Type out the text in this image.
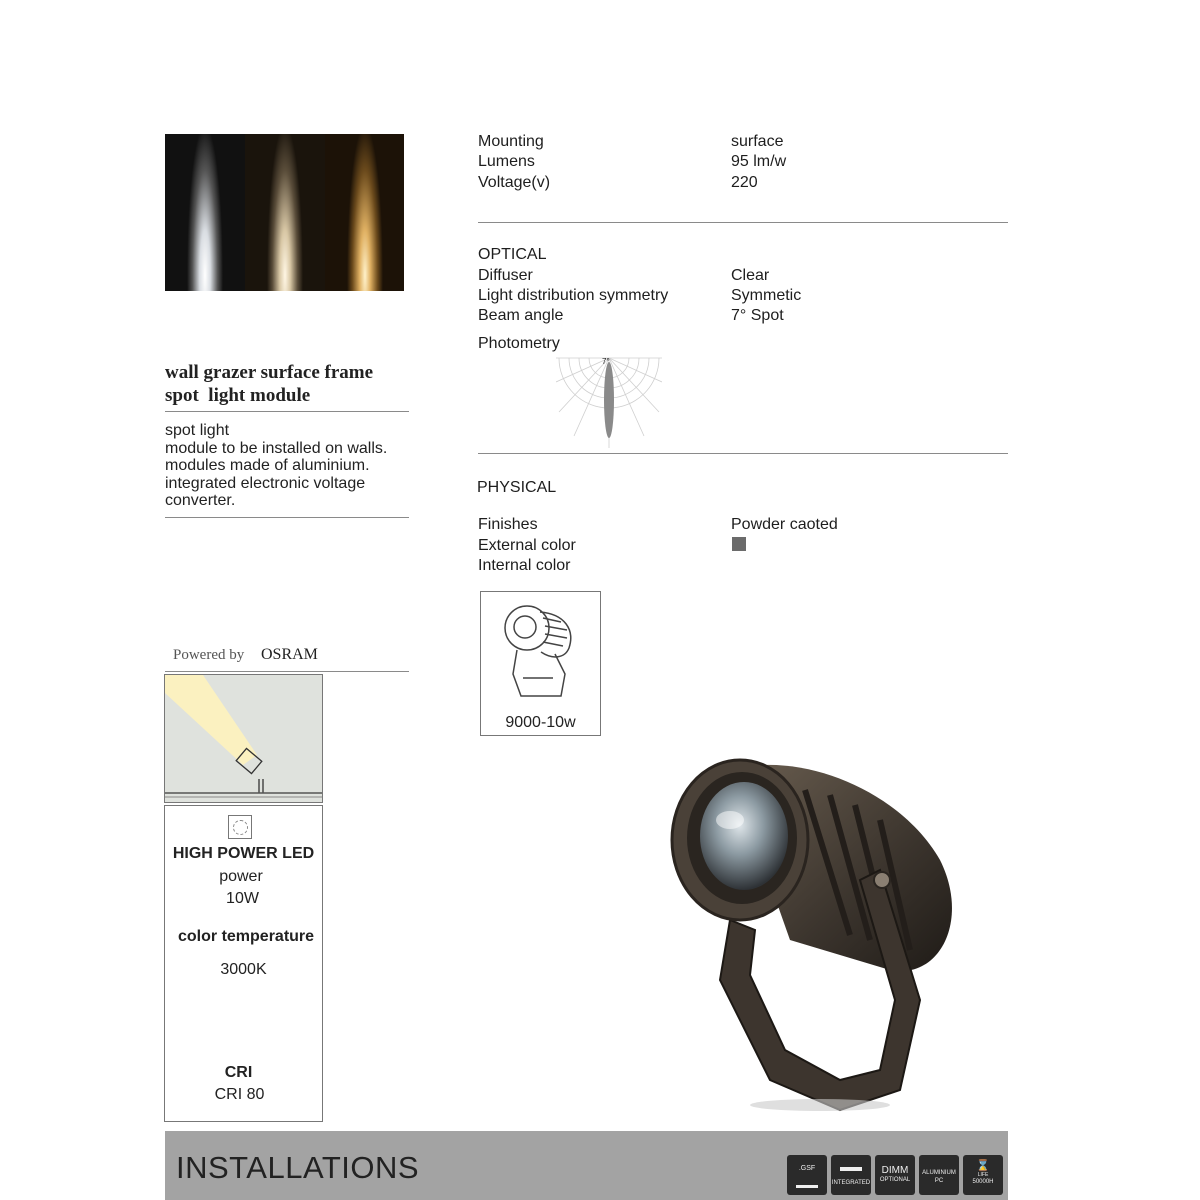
Mounting	surface
Lumens	95 lm/w
Voltage(v)	220
OPTICAL
Diffuser	Clear
Light distribution symmetry	Symmetic
Beam angle	7° Spot
Photometry
7°
PHYSICAL
Finishes	Powder caoted
External color
Internal color
9000-10w
wall grazer surface frame
spot  light module
spot light
module to be installed on walls.
modules made of aluminium.
integrated electronic voltage
converter.
Powered by OSRAM
HIGH POWER LED
power
10W
color temperature
3000K
CRI
CRI 80
INSTALLATIONS	.GSF
INTEGRATED
DIMM
OPTIONAL
ALUMINIUM
PC
⌛
LIFE
50000H
